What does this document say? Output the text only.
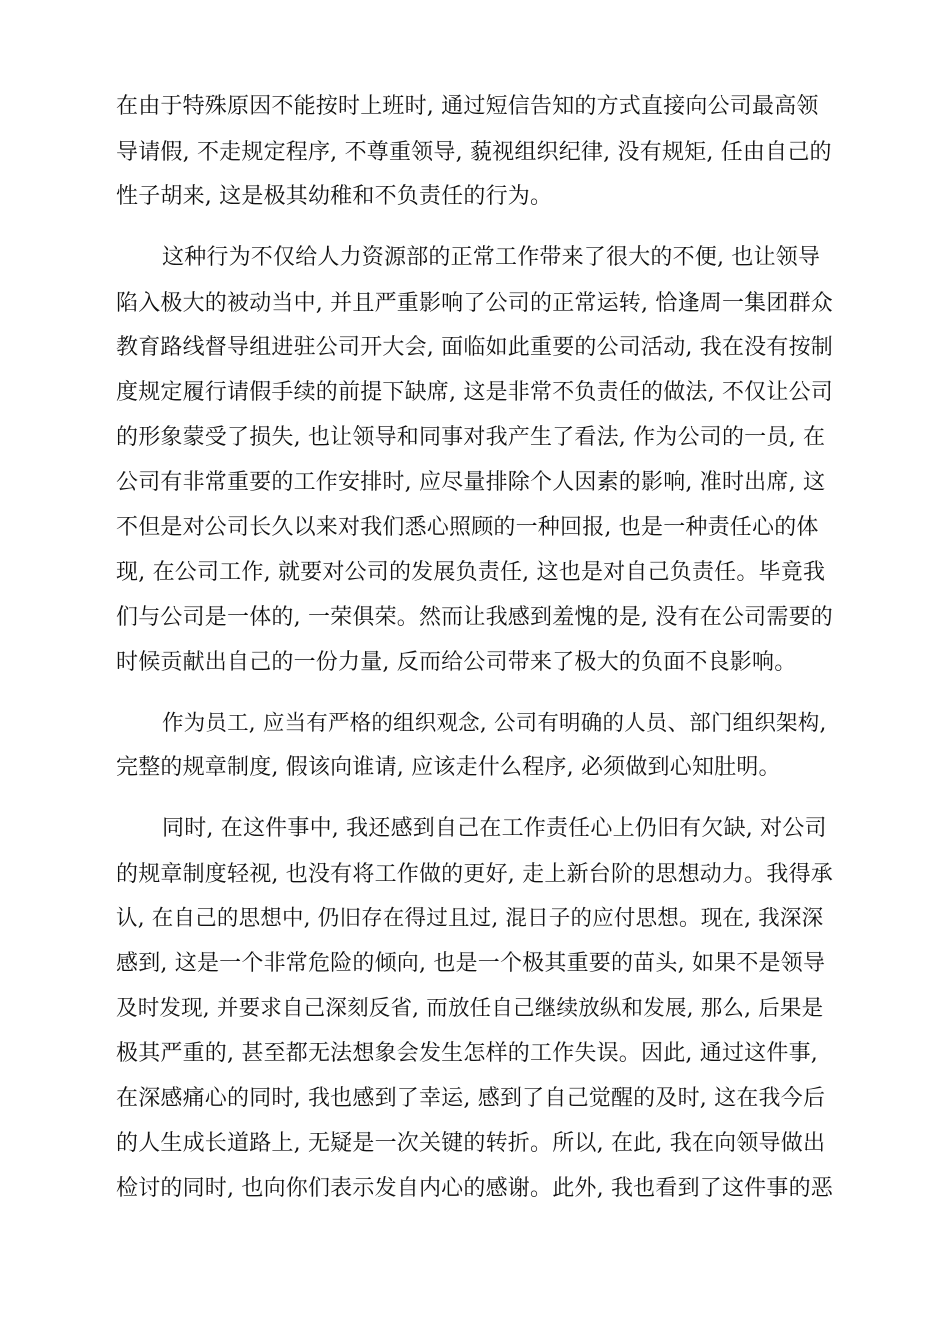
在由于特殊原因不能按时上班时, 通过短信告知的方式直接向公司最高领
导请假, 不走规定程序, 不尊重领导, 藐视组织纪律, 没有规矩, 任由自己的
性子胡来, 这是极其幼稚和不负责任的行为。
这种行为不仅给人力资源部的正常工作带来了很大的不便, 也让领导
陷入极大的被动当中, 并且严重影响了公司的正常运转, 恰逢周一集团群众
教育路线督导组进驻公司开大会, 面临如此重要的公司活动, 我在没有按制
度规定履行请假手续的前提下缺席, 这是非常不负责任的做法, 不仅让公司
的形象蒙受了损失, 也让领导和同事对我产生了看法, 作为公司的一员, 在
公司有非常重要的工作安排时, 应尽量排除个人因素的影响, 准时出席, 这
不但是对公司长久以来对我们悉心照顾的一种回报, 也是一种责任心的体
现, 在公司工作, 就要对公司的发展负责任, 这也是对自己负责任。毕竟我
们与公司是一体的, 一荣俱荣。然而让我感到羞愧的是, 没有在公司需要的
时候贡献出自己的一份力量, 反而给公司带来了极大的负面不良影响。
作为员工, 应当有严格的组织观念, 公司有明确的人员、部门组织架构,
完整的规章制度, 假该向谁请, 应该走什么程序, 必须做到心知肚明。
同时, 在这件事中, 我还感到自己在工作责任心上仍旧有欠缺, 对公司
的规章制度轻视, 也没有将工作做的更好, 走上新台阶的思想动力。我得承
认, 在自己的思想中, 仍旧存在得过且过, 混日子的应付思想。现在, 我深深
感到, 这是一个非常危险的倾向, 也是一个极其重要的苗头, 如果不是领导
及时发现, 并要求自己深刻反省, 而放任自己继续放纵和发展, 那么, 后果是
极其严重的, 甚至都无法想象会发生怎样的工作失误。因此, 通过这件事,
在深感痛心的同时, 我也感到了幸运, 感到了自己觉醒的及时, 这在我今后
的人生成长道路上, 无疑是一次关键的转折。所以, 在此, 我在向领导做出
检讨的同时, 也向你们表示发自内心的感谢。此外, 我也看到了这件事的恶
